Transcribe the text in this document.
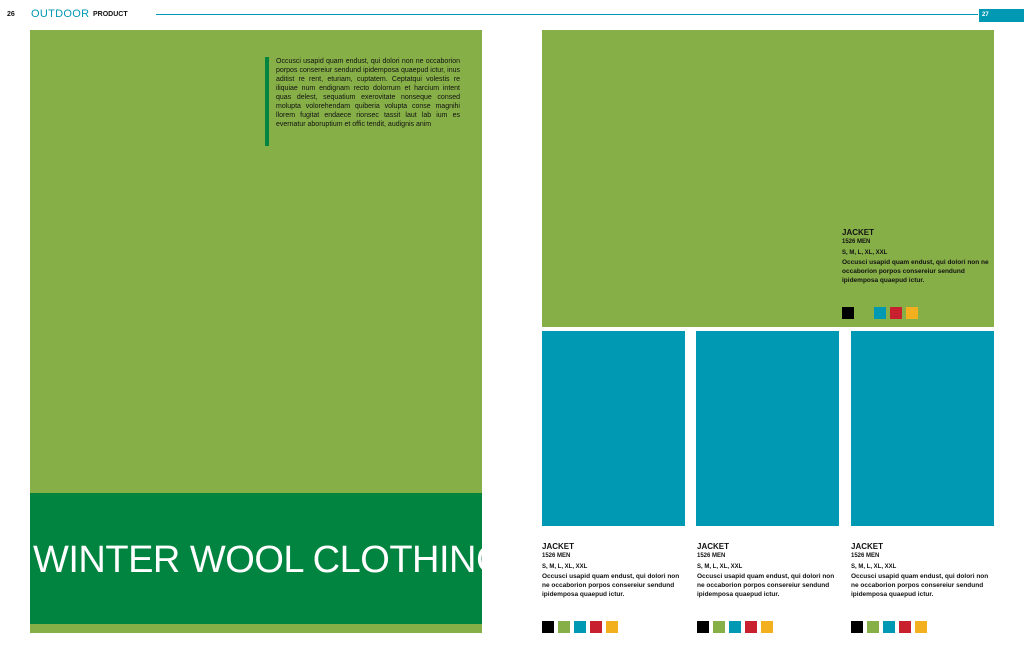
26 OUTDOOR PRODUCT	27
Occusci usapid quam endust, qui dolori non ne occaborion porpos consereiur sendund ipidemposa quaepud ictur, inus aditist re rent, eturiam, cuptatem. Ceptatqui volestis re iliquiae num endignam recto dolorrum et harcium intent quas delest, sequatium exerovitate nonseque consed molupta volorehendam quiberia volupta conse magnihi llorem fugitat endaece rionsec tassit laut lab ium es evernatur aboruptium et offic tendit, audignis anim
WINTER WOOL CLOTHING
JACKET
1526 MEN
S, M, L, XL, XXL
Occusci usapid quam endust, qui dolori non ne occaborion porpos consereiur sendund ipidemposa quaepud ictur.
JACKET
1526 MEN
S, M, L, XL, XXL
Occusci usapid quam endust, qui dolori non ne occaborion porpos consereiur sendund ipidemposa quaepud ictur.
JACKET
1526 MEN
S, M, L, XL, XXL
Occusci usapid quam endust, qui dolori non ne occaborion porpos consereiur sendund ipidemposa quaepud ictur.
JACKET
1526 MEN
S, M, L, XL, XXL
Occusci usapid quam endust, qui dolori non ne occaborion porpos consereiur sendund ipidemposa quaepud ictur.
